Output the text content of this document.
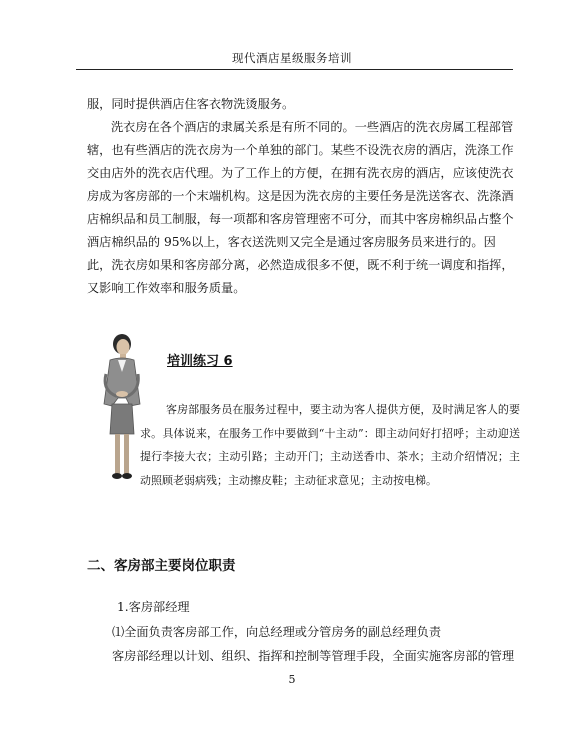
现代酒店星级服务培训

服，同时提供酒店住客衣物洗烫服务。

洗衣房在各个酒店的隶属关系是有所不同的。一些酒店的洗衣房属工程部管辖，也有些酒店的洗衣房为一个单独的部门。某些不设洗衣房的酒店，洗涤工作交由店外的洗衣店代理。为了工作上的方便，在拥有洗衣房的酒店，应该使洗衣房成为客房部的一个末端机构。这是因为洗衣房的主要任务是洗送客衣、洗涤酒店棉织品和员工制服，每一项都和客房管理密不可分，而其中客房棉织品占整个酒店棉织品的 95%以上，客衣送洗则又完全是通过客房服务员来进行的。因此，洗衣房如果和客房部分离，必然造成很多不便，既不利于统一调度和指挥，又影响工作效率和服务质量。

培训练习 6
客房部服务员在服务过程中，要主动为客人提供方便，及时满足客人的要求。具体说来，在服务工作中要做到“十主动”：即主动问好打招呼；主动迎送提行李接大衣；主动引路；主动开门；主动送香巾、茶水；主动介绍情况；主动照顾老弱病残；主动擦皮鞋；主动征求意见；主动按电梯。
二、客房部主要岗位职责
1.客房部经理
⑴全面负责客房部工作，向总经理或分管房务的副总经理负责
客房部经理以计划、组织、指挥和控制等管理手段，全面实施客房部的管理
5
